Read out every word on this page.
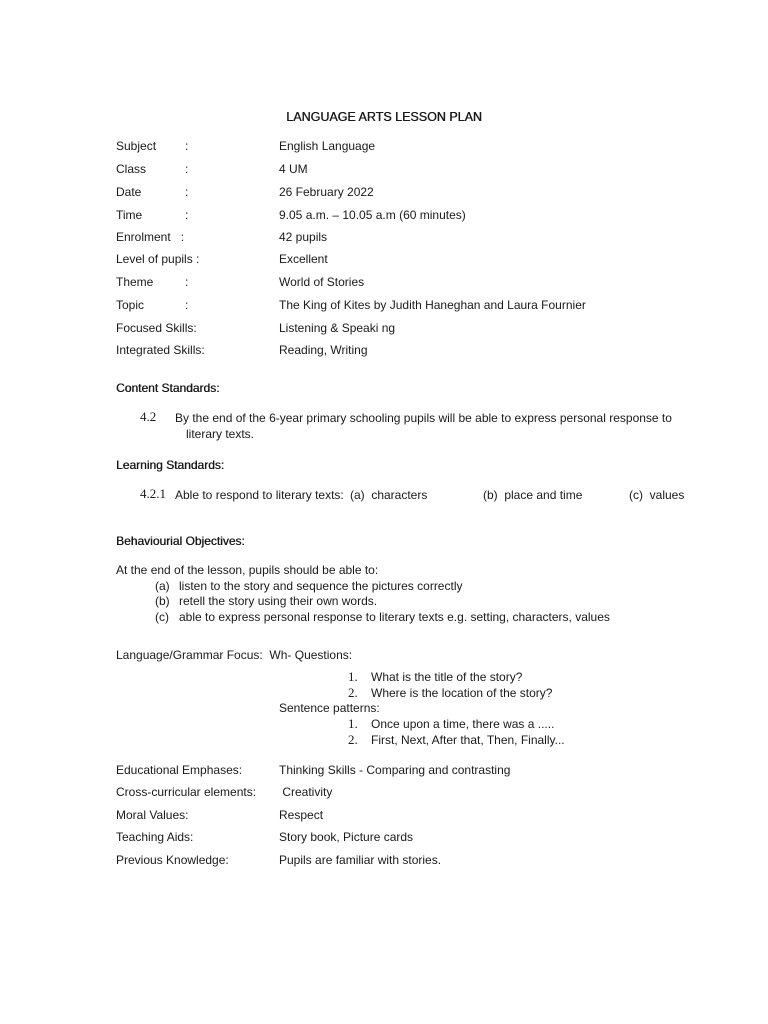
LANGUAGE ARTS LESSON PLAN
Subject :	English Language
Class	:	4 UM
Date	:	26 February 2022
Time	:	9.05 a.m. – 10.05 a.m (60 minutes)
Enrolment   :	42 pupils
Level of pupils :	Excellent
Theme	:	World of Stories
Topic	:	The King of Kites by Judith Haneghan and Laura Fournier
Focused Skills:	Listening & Speaki ng
Integrated Skills:	Reading, Writing
Content Standards:
4.2 By the end of the 6-year primary schooling pupils will be able to express personal response to
literary texts.
Learning Standards:
4.2.1 Able to respond to literary texts: (a)  characters	(b)  place and time	(c)  values
Behaviourial Objectives:
At the end of the lesson, pupils should be able to:
(a) listen to the story and sequence the pictures correctly
(b) retell the story using their own words.
(c) able to express personal response to literary texts e.g. setting, characters, values
Language/Grammar Focus:  Wh- Questions:
1. What is the title of the story?
2. Where is the location of the story?
Sentence patterns:
1. Once upon a time, there was a .....
2. First, Next, After that, Then, Finally...
Educational Emphases:	Thinking Skills - Comparing and contrasting
Cross-curricular elements: Creativity
Moral Values:	Respect
Teaching Aids:	Story book, Picture cards
Previous Knowledge:	Pupils are familiar with stories.
